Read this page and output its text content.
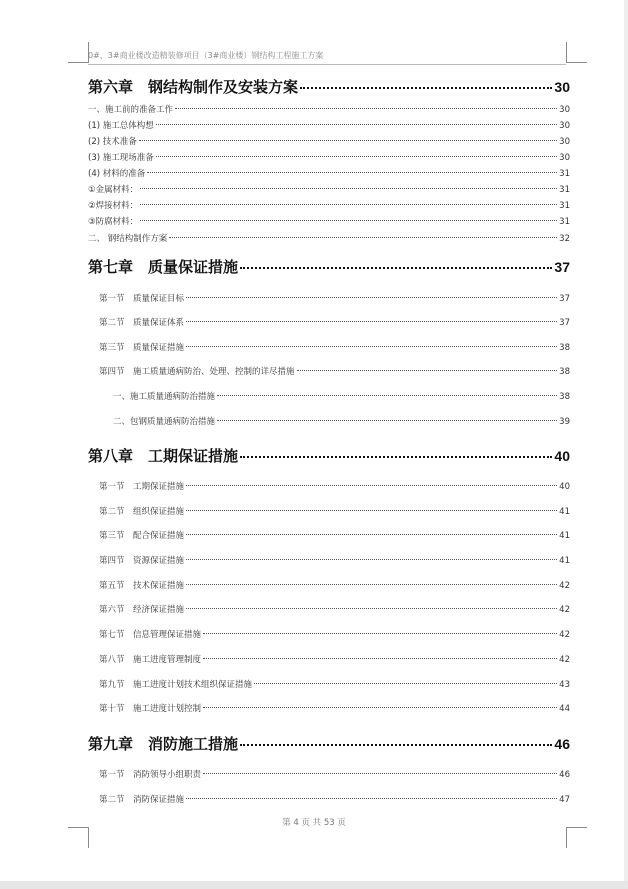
0#、3#商业楼改造精装修项目（3#商业楼）钢结构工程施工方案
第六章　钢结构制作及安装方案	30
一、施工前的准备工作	30
(1) 施工总体构想	30
(2) 技术准备	30
(3) 施工现场准备	30
(4) 材料的准备	31
①金属材料：	31
②焊接材料：	31
③防腐材料：	31
二、 钢结构制作方案	32
第七章　质量保证措施	37
第一节　质量保证目标	37
第二节　质量保证体系	37
第三节　质量保证措施	38
第四节　施工质量通病防治、处理、控制的详尽措施	38
一、施工质量通病防治措施	38
二、包钢质量通病防治措施	39
第八章　工期保证措施	40
第一节　工期保证措施	40
第二节　组织保证措施	41
第三节　配合保证措施	41
第四节　资源保证措施	41
第五节　技术保证措施	42
第六节　经济保证措施	42
第七节　信息管理保证措施	42
第八节　施工进度管理制度	42
第九节　施工进度计划技术组织保证措施	43
第十节　施工进度计划控制	44
第九章　消防施工措施	46
第一节　消防领导小组职责	46
第二节　消防保证措施	47
第 4 页 共 53 页
